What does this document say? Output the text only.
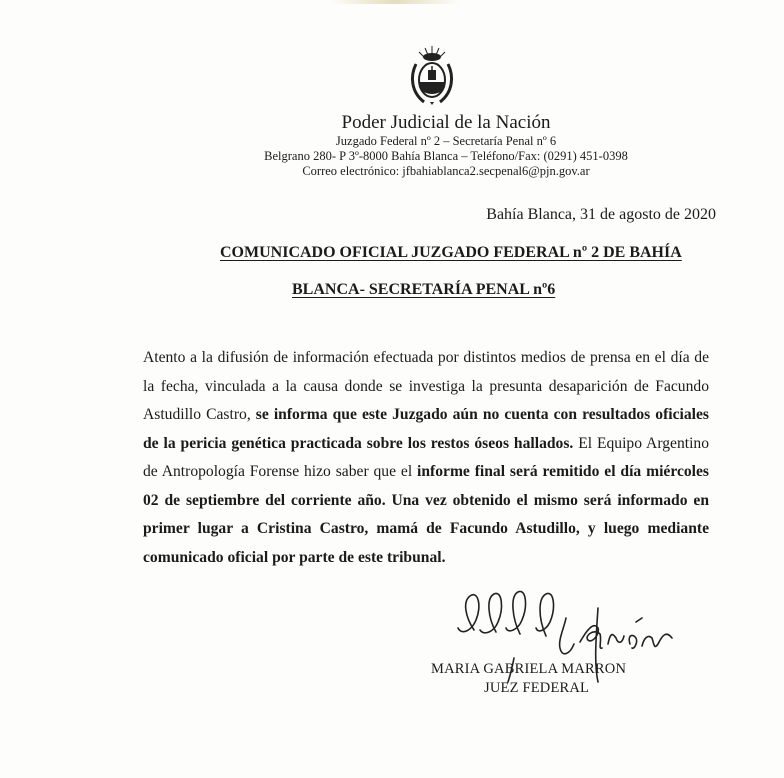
Poder Judicial de la Nación
Juzgado Federal nº 2 – Secretaría Penal nº 6
Belgrano 280- P 3º-8000 Bahía Blanca – Teléfono/Fax: (0291) 451-0398
Correo electrónico: jfbahiablanca2.secpenal6@pjn.gov.ar
Bahía Blanca, 31 de agosto de 2020
COMUNICADO OFICIAL JUZGADO FEDERAL nº 2 DE BAHÍA
BLANCA- SECRETARÍA PENAL nº6
Atento a la difusión de información efectuada por distintos medios de prensa en el día de la fecha, vinculada a la causa donde se investiga la presunta desaparición de Facundo Astudillo Castro, se informa que este Juzgado aún no cuenta con resultados oficiales de la pericia genética practicada sobre los restos óseos hallados. El Equipo Argentino de Antropología Forense hizo saber que el informe final será remitido el día miércoles 02 de septiembre del corriente año. Una vez obtenido el mismo será informado en primer lugar a Cristina Castro, mamá de Facundo Astudillo, y luego mediante comunicado oficial por parte de este tribunal.
MARIA GABRIELA MARRON
JUEZ FEDERAL
